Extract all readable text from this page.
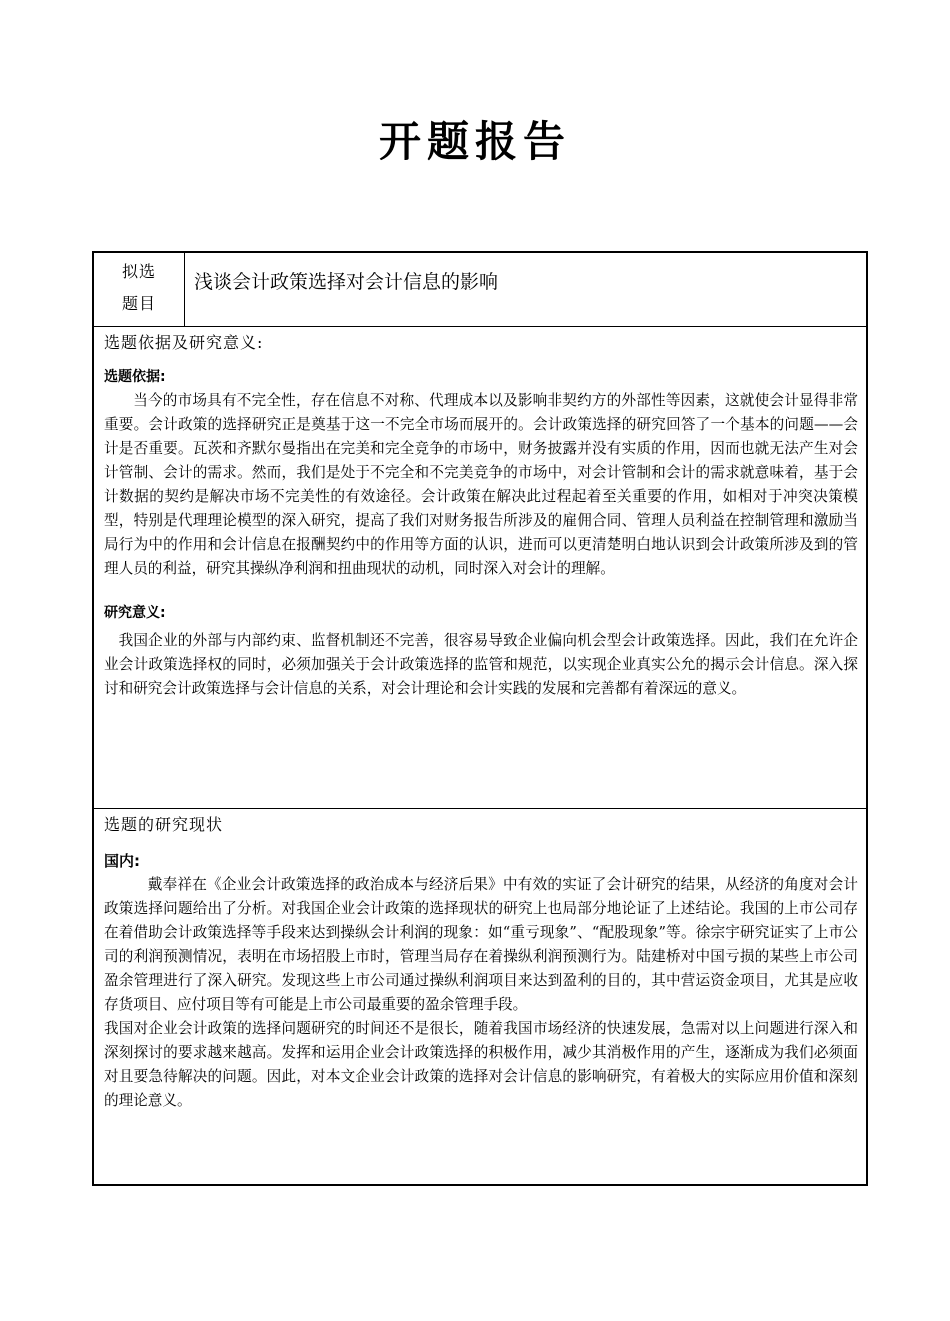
开题报告
拟选
题目
浅谈会计政策选择对会计信息的影响
选题依据及研究意义:
选题依据:

当今的市场具有不完全性，存在信息不对称、代理成本以及影响非契约方的外部性等因素，这就使会计显得非常重要。会计政策的选择研究正是奠基于这一不完全市场而展开的。会计政策选择的研究回答了一个基本的问题——会计是否重要。瓦茨和齐默尔曼指出在完美和完全竞争的市场中，财务披露并没有实质的作用，因而也就无法产生对会计管制、会计的需求。然而，我们是处于不完全和不完美竞争的市场中，对会计管制和会计的需求就意味着，基于会计数据的契约是解决市场不完美性的有效途径。会计政策在解决此过程起着至关重要的作用，如相对于冲突决策模型，特别是代理理论模型的深入研究，提高了我们对财务报告所涉及的雇佣合同、管理人员利益在控制管理和激励当局行为中的作用和会计信息在报酬契约中的作用等方面的认识，进而可以更清楚明白地认识到会计政策所涉及到的管理人员的利益，研究其操纵净利润和扭曲现状的动机，同时深入对会计的理解。

研究意义:

我国企业的外部与内部约束、监督机制还不完善，很容易导致企业偏向机会型会计政策选择。因此，我们在允许企业会计政策选择权的同时，必须加强关于会计政策选择的监管和规范，以实现企业真实公允的揭示会计信息。深入探讨和研究会计政策选择与会计信息的关系，对会计理论和会计实践的发展和完善都有着深远的意义。

选题的研究现状
国内:

戴奉祥在《企业会计政策选择的政治成本与经济后果》中有效的实证了会计研究的结果，从经济的角度对会计政策选择问题给出了分析。对我国企业会计政策的选择现状的研究上也局部分地论证了上述结论。我国的上市公司存在着借助会计政策选择等手段来达到操纵会计利润的现象：如“重亏现象”、“配股现象”等。徐宗宇研究证实了上市公司的利润预测情况，表明在市场招股上市时，管理当局存在着操纵利润预测行为。陆建桥对中国亏损的某些上市公司盈余管理进行了深入研究。发现这些上市公司通过操纵利润项目来达到盈利的目的，其中营运资金项目，尤其是应收存货项目、应付项目等有可能是上市公司最重要的盈余管理手段。

我国对企业会计政策的选择问题研究的时间还不是很长，随着我国市场经济的快速发展，急需对以上问题进行深入和深刻探讨的要求越来越高。发挥和运用企业会计政策选择的积极作用，减少其消极作用的产生，逐渐成为我们必须面对且要急待解决的问题。因此，对本文企业会计政策的选择对会计信息的影响研究，有着极大的实际应用价值和深刻的理论意义。
